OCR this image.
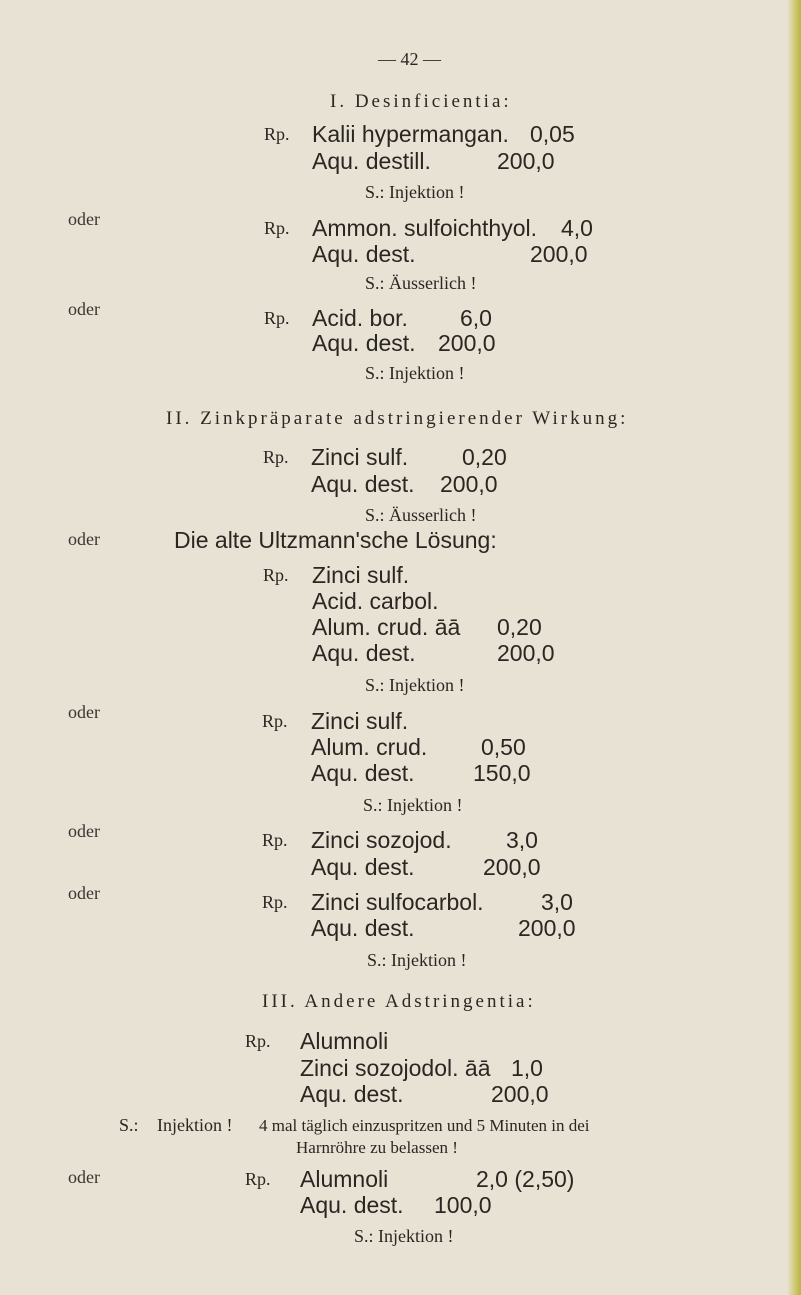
— 42 —
I. Desinficientia:
Rp. Kalii hypermangan. 0,05
Aqu. destill.	200,0
S.: Injektion !
oder	Rp. Ammon. sulfoichthyol. 4,0
Aqu. dest.	200,0
S.: Äusserlich !
oder	Rp. Acid. bor. 6,0
Aqu. dest. 200,0
S.: Injektion !
II. Zinkpräparate adstringierender Wirkung:
Rp. Zinci sulf. 0,20
Aqu. dest. 200,0
S.: Äusserlich !
oder	Die alte Ultzmann'sche Lösung:
Rp. Zinci sulf.
Acid. carbol.
Alum. crud. āā 0,20
Aqu. dest.	200,0
S.: Injektion !
oder	Rp. Zinci sulf.
Alum. crud. 0,50
Aqu. dest.	150,0
S.: Injektion !
oder	Rp. Zinci sozojod. 3,0
Aqu. dest.	200,0
oder	Rp. Zinci sulfocarbol. 3,0
Aqu. dest.	200,0
S.: Injektion !
III. Andere Adstringentia:
Rp. Alumnoli
Zinci sozojodol. āā 1,0
Aqu. dest.	200,0
S.: Injektion ! 4 mal täglich einzuspritzen und 5 Minuten in dei
Harnröhre zu belassen !
oder	Rp. Alumnoli	2,0 (2,50)
Aqu. dest. 100,0
S.: Injektion !
